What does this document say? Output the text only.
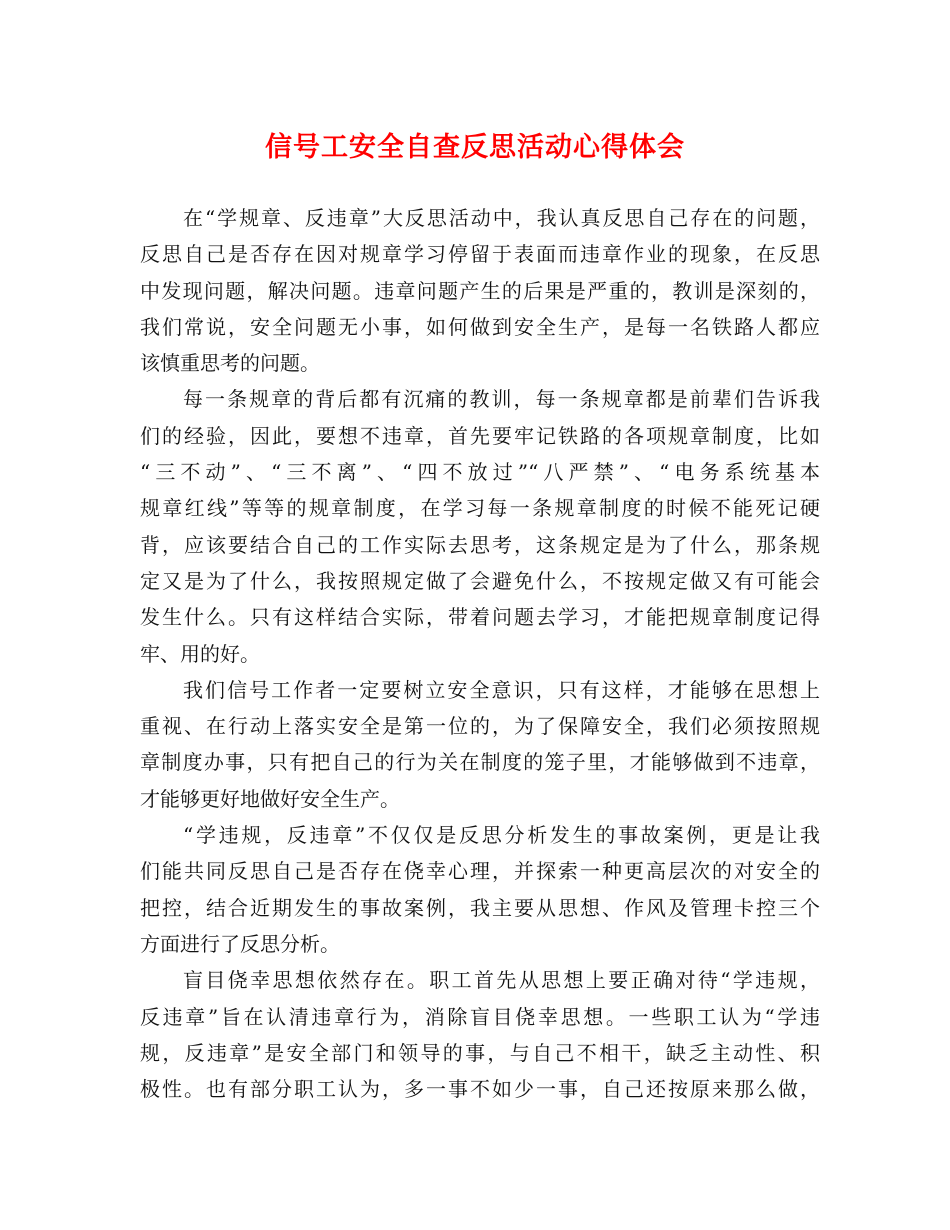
信号工安全自查反思活动心得体会
在“学规章、反违章”大反思活动中，我认真反思自己存在的问题，
反思自己是否存在因对规章学习停留于表面而违章作业的现象，在反思
中发现问题，解决问题。违章问题产生的后果是严重的，教训是深刻的，
我们常说，安全问题无小事，如何做到安全生产，是每一名铁路人都应
该慎重思考的问题。
每一条规章的背后都有沉痛的教训，每一条规章都是前辈们告诉我
们的经验，因此，要想不违章，首先要牢记铁路的各项规章制度，比如
“三不动”、“三不离”、“四不放过”“八严禁”、“电务系统基本
规章红线”等等的规章制度，在学习每一条规章制度的时候不能死记硬
背，应该要结合自己的工作实际去思考，这条规定是为了什么，那条规
定又是为了什么，我按照规定做了会避免什么，不按规定做又有可能会
发生什么。只有这样结合实际，带着问题去学习，才能把规章制度记得
牢、用的好。
我们信号工作者一定要树立安全意识，只有这样，才能够在思想上
重视、在行动上落实安全是第一位的，为了保障安全，我们必须按照规
章制度办事，只有把自己的行为关在制度的笼子里，才能够做到不违章，
才能够更好地做好安全生产。
“学违规，反违章”不仅仅是反思分析发生的事故案例，更是让我
们能共同反思自己是否存在侥幸心理，并探索一种更高层次的对安全的
把控，结合近期发生的事故案例，我主要从思想、作风及管理卡控三个
方面进行了反思分析。
盲目侥幸思想依然存在。职工首先从思想上要正确对待“学违规，
反违章”旨在认清违章行为，消除盲目侥幸思想。一些职工认为“学违
规，反违章”是安全部门和领导的事，与自己不相干，缺乏主动性、积
极性。也有部分职工认为，多一事不如少一事，自己还按原来那么做，
